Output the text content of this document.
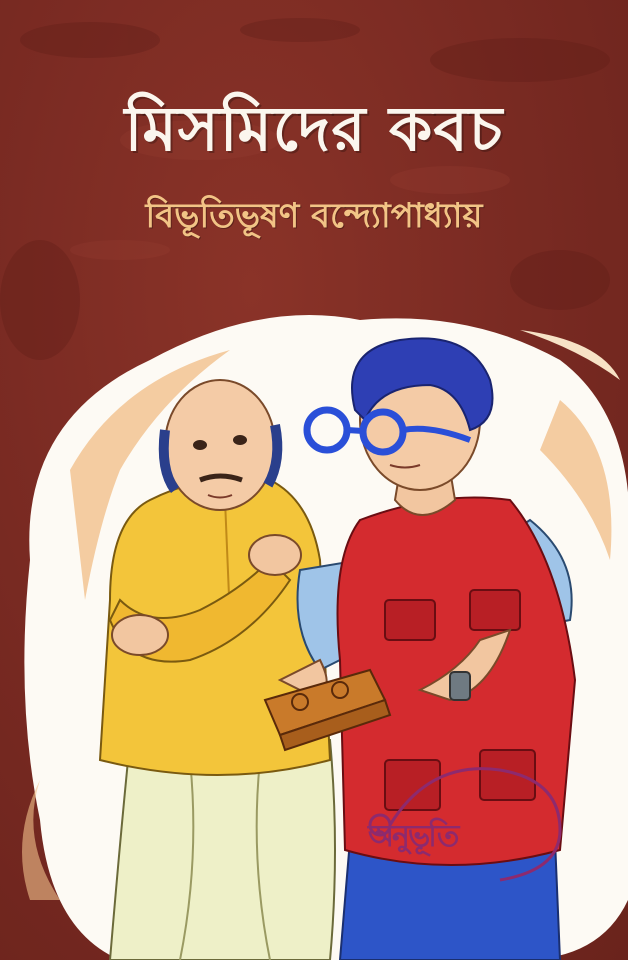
মিসমিদের কবচ
বিভূতিভূষণ বন্দ্যোপাধ্যায়
অনুভূতি
